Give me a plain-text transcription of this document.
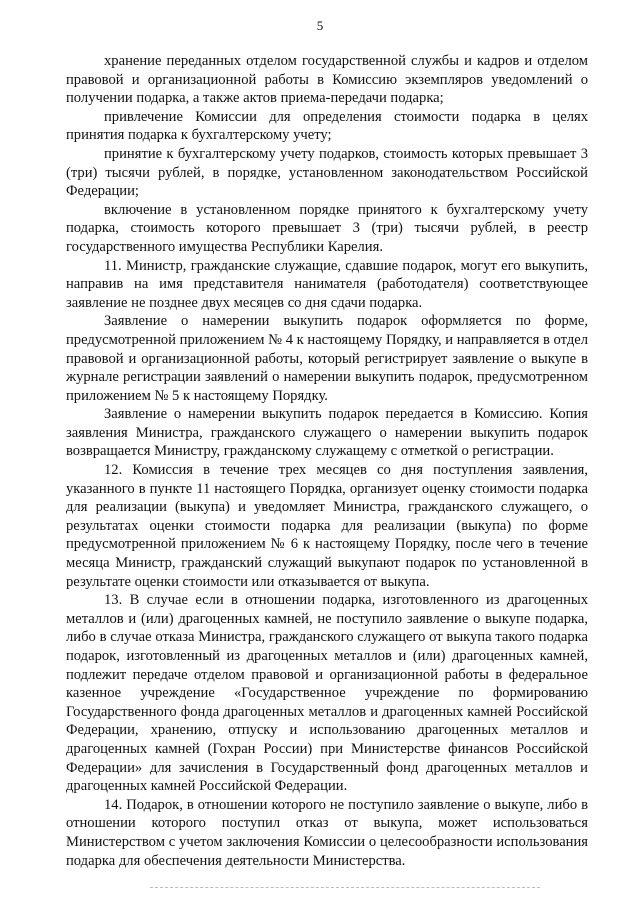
5

хранение переданных отделом государственной службы и кадров и отделом правовой и организационной работы в Комиссию экземпляров уведомлений о получении подарка, а также актов приема-передачи подарка;

привлечение Комиссии для определения стоимости подарка в целях принятия подарка к бухгалтерскому учету;

принятие к бухгалтерскому учету подарков, стоимость которых превышает 3 (три) тысячи рублей, в порядке, установленном законодательством Российской Федерации;

включение в установленном порядке принятого к бухгалтерскому учету подарка, стоимость которого превышает 3 (три) тысячи рублей, в реестр государственного имущества Республики Карелия.

11. Министр, гражданские служащие, сдавшие подарок, могут его выкупить, направив на имя представителя нанимателя (работодателя) соответствующее заявление не позднее двух месяцев со дня сдачи подарка.

Заявление о намерении выкупить подарок оформляется по форме, предусмотренной приложением № 4 к настоящему Порядку, и направляется в отдел правовой и организационной работы, который регистрирует заявление о выкупе в журнале регистрации заявлений о намерении выкупить подарок, предусмотренном приложением № 5 к настоящему Порядку.

Заявление о намерении выкупить подарок передается в Комиссию. Копия заявления Министра, гражданского служащего о намерении выкупить подарок возвращается Министру, гражданскому служащему с отметкой о регистрации.

12. Комиссия в течение трех месяцев со дня поступления заявления, указанного в пункте 11 настоящего Порядка, организует оценку стоимости подарка для реализации (выкупа) и уведомляет Министра, гражданского служащего, о результатах оценки стоимости подарка для реализации (выкупа) по форме предусмотренной приложением № 6 к настоящему Порядку, после чего в течение месяца Министр, гражданский служащий выкупают подарок по установленной в результате оценки стоимости или отказывается от выкупа.

13. В случае если в отношении подарка, изготовленного из драгоценных металлов и (или) драгоценных камней, не поступило заявление о выкупе подарка, либо в случае отказа Министра, гражданского служащего от выкупа такого подарка подарок, изготовленный из драгоценных металлов и (или) драгоценных камней, подлежит передаче отделом правовой и организационной работы в федеральное казенное учреждение «Государственное учреждение по формированию Государственного фонда драгоценных металлов и драгоценных камней Российской Федерации, хранению, отпуску и использованию драгоценных металлов и драгоценных камней (Гохран России) при Министерстве финансов Российской Федерации» для зачисления в Государственный фонд драгоценных металлов и драгоценных камней Российской Федерации.

14. Подарок, в отношении которого не поступило заявление о выкупе, либо в отношении которого поступил отказ от выкупа, может использоваться Министерством с учетом заключения Комиссии о целесообразности использования подарка для обеспечения деятельности Министерства.
